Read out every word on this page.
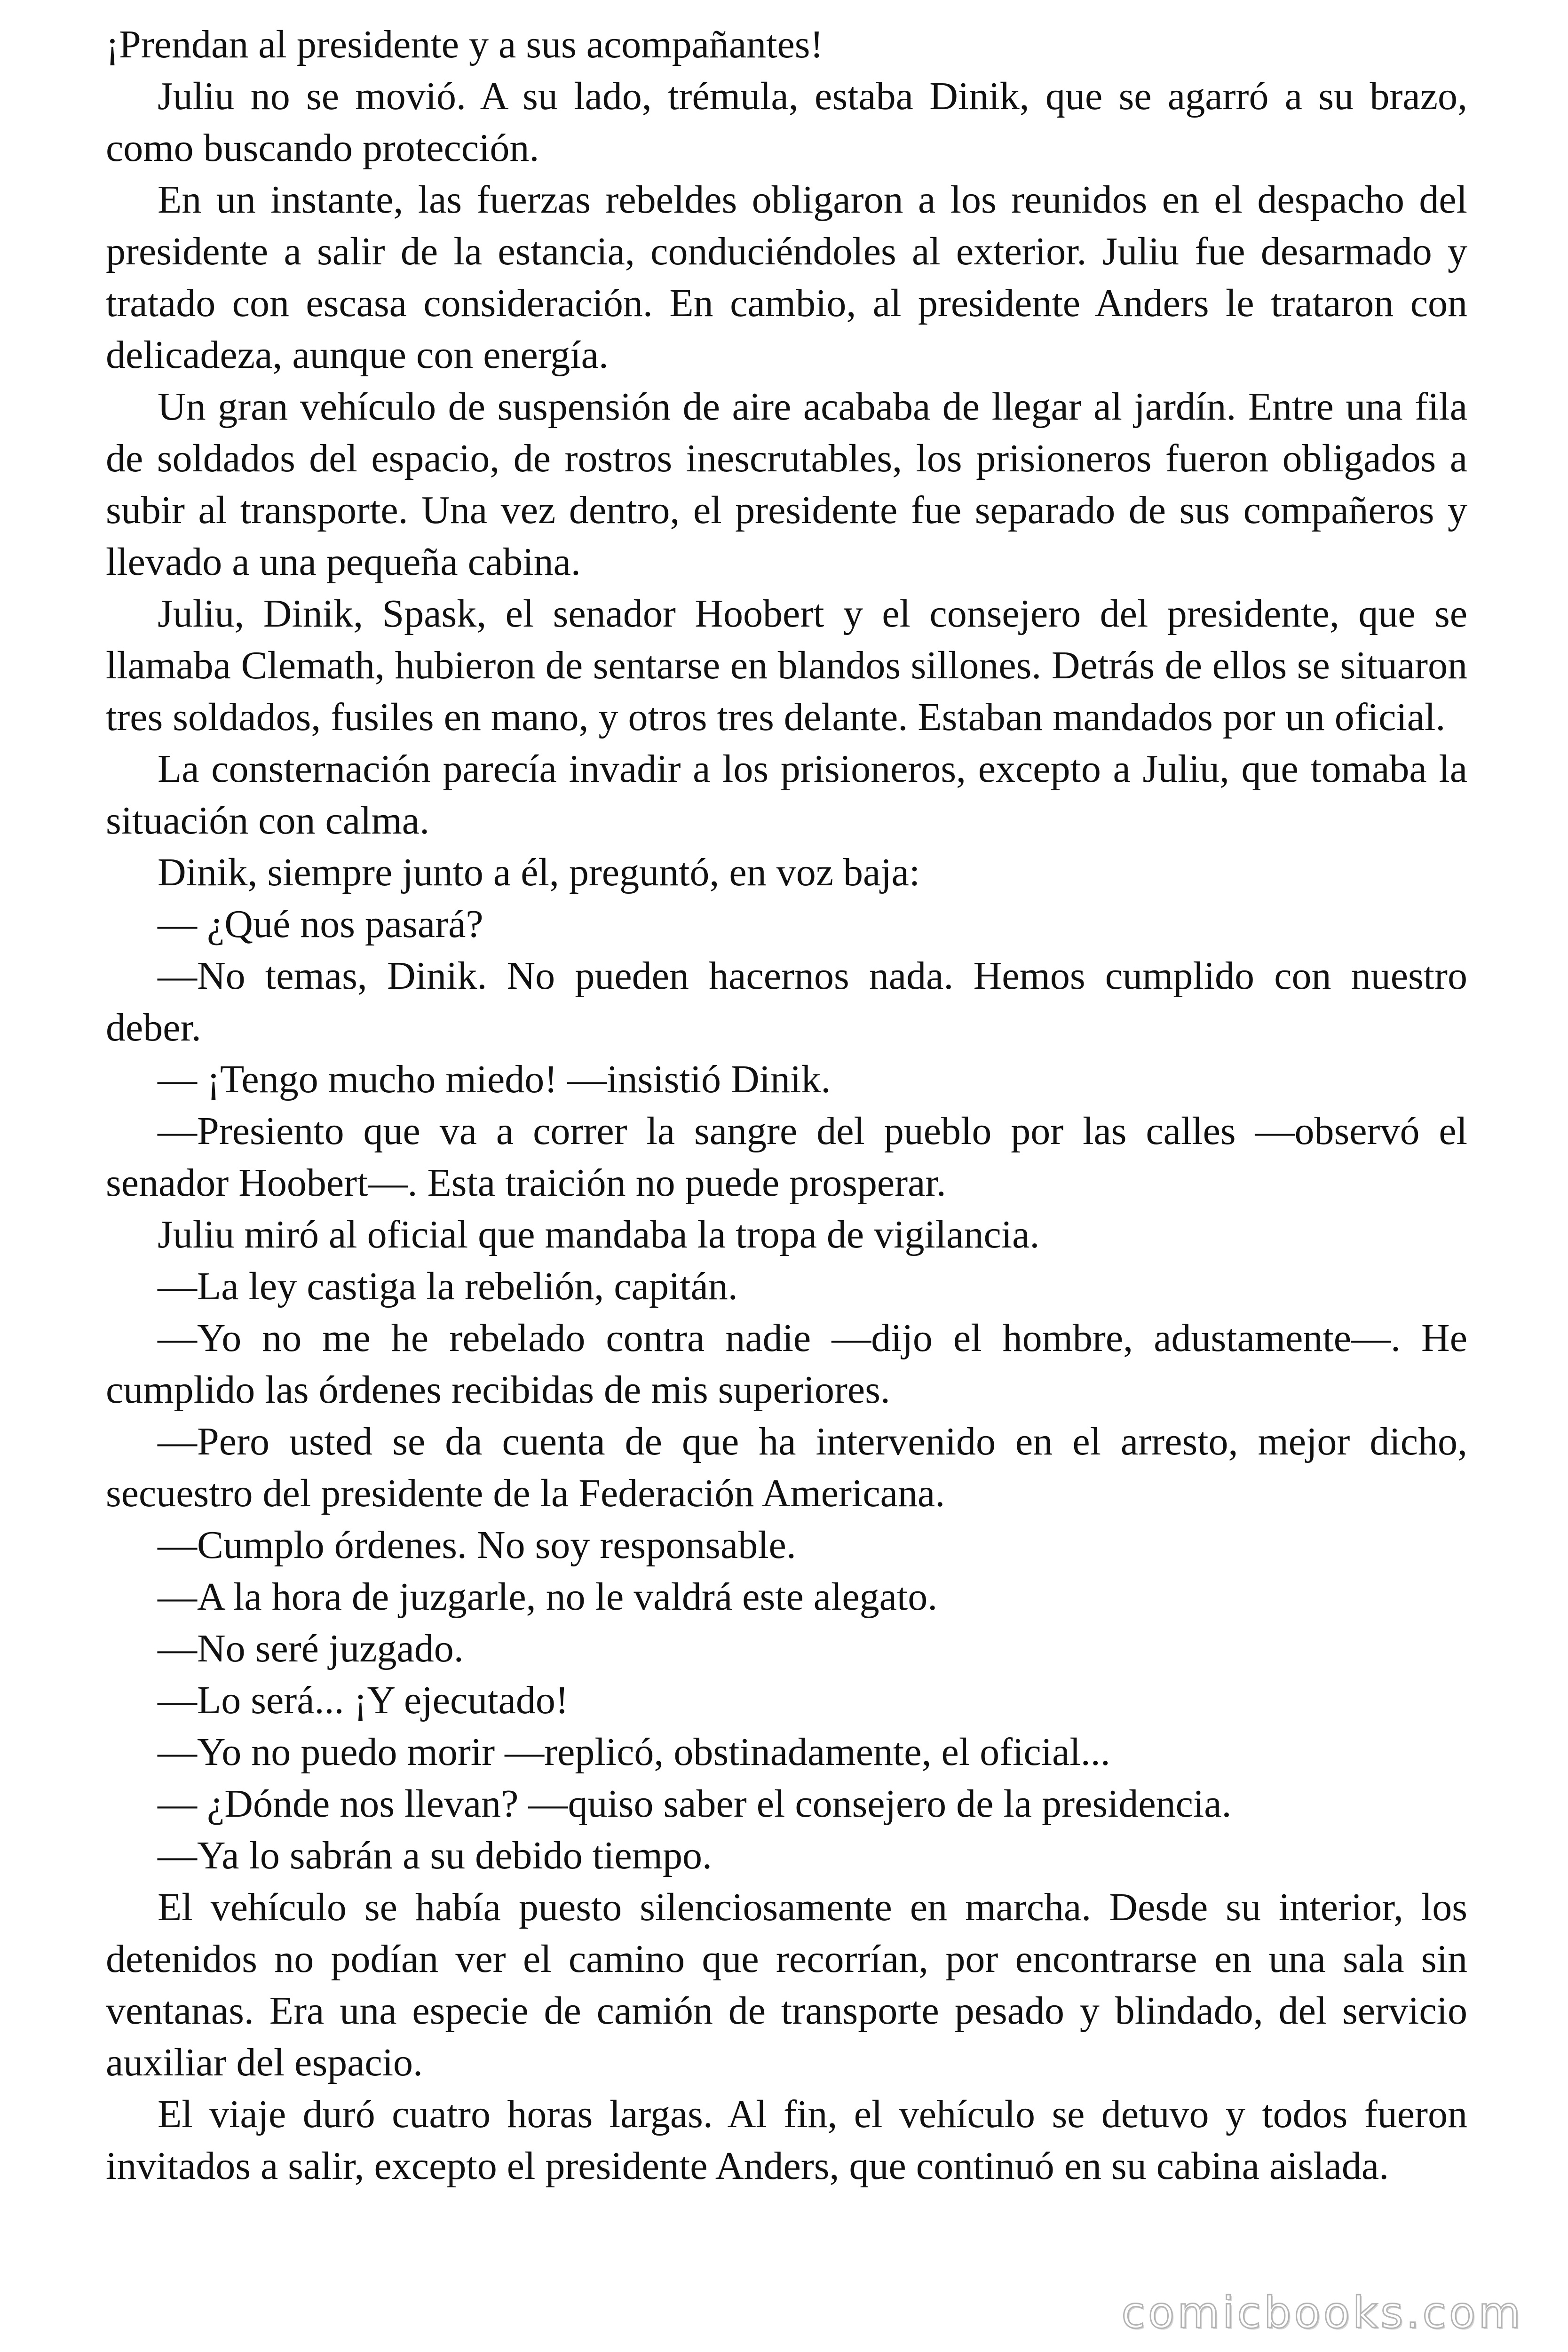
¡Prendan al presidente y a sus acompañantes!

Juliu no se movió. A su lado, trémula, estaba Dinik, que se agarró a su brazo, como buscando protección.

En un instante, las fuerzas rebeldes obligaron a los reunidos en el despacho del presidente a salir de la estancia, conduciéndoles al exterior. Juliu fue desarmado y tratado con escasa consideración. En cambio, al presidente Anders le trataron con delicadeza, aunque con energía.

Un gran vehículo de suspensión de aire acababa de llegar al jardín. Entre una fila de soldados del espacio, de rostros inescrutables, los prisioneros fueron obligados a subir al transporte. Una vez dentro, el presidente fue separado de sus compañeros y llevado a una pequeña cabina.

Juliu, Dinik, Spask, el senador Hoobert y el consejero del presidente, que se llamaba Clemath, hubieron de sentarse en blandos sillones. Detrás de ellos se situaron tres soldados, fusiles en mano, y otros tres delante. Estaban mandados por un oficial.

La consternación parecía invadir a los prisioneros, excepto a Juliu, que tomaba la situación con calma.

Dinik, siempre junto a él, preguntó, en voz baja:

— ¿Qué nos pasará?

—No temas, Dinik. No pueden hacernos nada. Hemos cumplido con nuestro deber.

— ¡Tengo mucho miedo! —insistió Dinik.

—Presiento que va a correr la sangre del pueblo por las calles —observó el senador Hoobert—. Esta traición no puede prosperar.

Juliu miró al oficial que mandaba la tropa de vigilancia.

—La ley castiga la rebelión, capitán.

—Yo no me he rebelado contra nadie —dijo el hombre, adustamente—. He cumplido las órdenes recibidas de mis superiores.

—Pero usted se da cuenta de que ha intervenido en el arresto, mejor dicho, secuestro del presidente de la Federación Americana.

—Cumplo órdenes. No soy responsable.

—A la hora de juzgarle, no le valdrá este alegato.

—No seré juzgado.

—Lo será... ¡Y ejecutado!

—Yo no puedo morir —replicó, obstinadamente, el oficial...

— ¿Dónde nos llevan? —quiso saber el consejero de la presidencia.

—Ya lo sabrán a su debido tiempo.

El vehículo se había puesto silenciosamente en marcha. Desde su interior, los detenidos no podían ver el camino que recorrían, por encontrarse en una sala sin ventanas. Era una especie de camión de transporte pesado y blindado, del servicio auxiliar del espacio.

El viaje duró cuatro horas largas. Al fin, el vehículo se detuvo y todos fueron invitados a salir, excepto el presidente Anders, que continuó en su cabina aislada.

comicbooks.com
